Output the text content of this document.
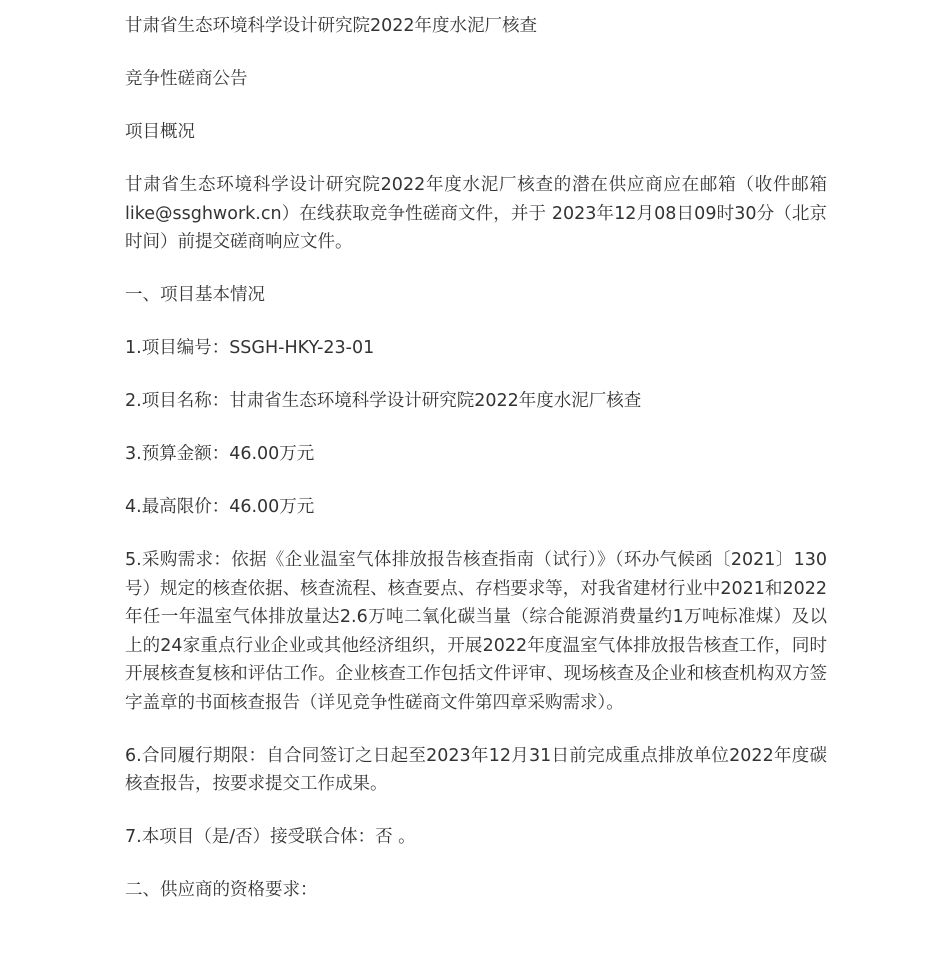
甘肃省生态环境科学设计研究院2022年度水泥厂核查

竞争性磋商公告

项目概况

甘肃省生态环境科学设计研究院2022年度水泥厂核查的潜在供应商应在邮箱（收件邮箱like@ssghwork.cn）在线获取竞争性磋商文件，并于 2023年12月08日09时30分（北京时间）前提交磋商响应文件。

一、项目基本情况

1.项目编号：SSGH-HKY-23-01

2.项目名称：甘肃省生态环境科学设计研究院2022年度水泥厂核查

3.预算金额：46.00万元

4.最高限价：46.00万元

5.采购需求：依据《企业温室气体排放报告核查指南（试行）》（环办气候函〔2021〕130号）规定的核查依据、核查流程、核查要点、存档要求等，对我省建材行业中2021和2022年任一年温室气体排放量达2.6万吨二氧化碳当量（综合能源消费量约1万吨标准煤）及以上的24家重点行业企业或其他经济组织，开展2022年度温室气体排放报告核查工作，同时开展核查复核和评估工作。企业核查工作包括文件评审、现场核查及企业和核查机构双方签字盖章的书面核查报告（详见竞争性磋商文件第四章采购需求）。

6.合同履行期限：自合同签订之日起至2023年12月31日前完成重点排放单位2022年度碳核查报告，按要求提交工作成果。

7.本项目（是/否）接受联合体：否 。

二、供应商的资格要求：
